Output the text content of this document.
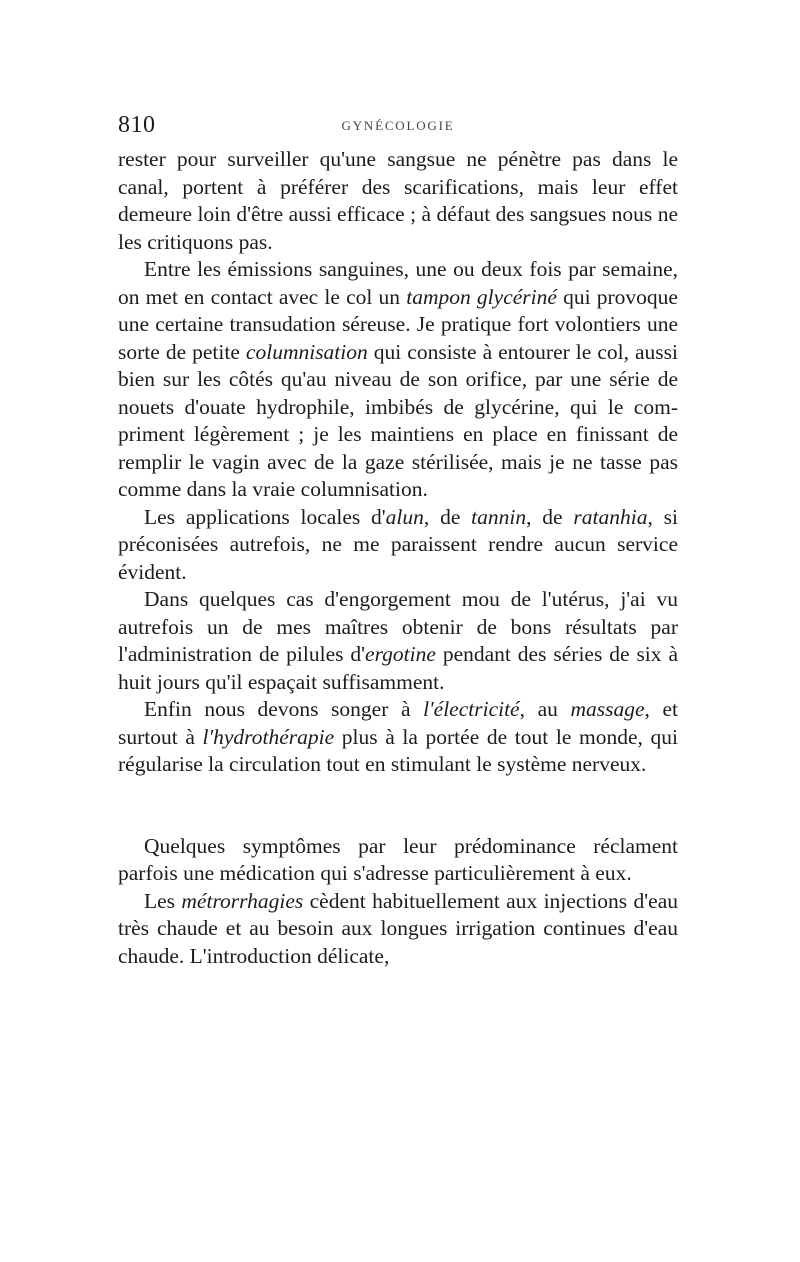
810	GYNÉCOLOGIE

rester pour surveiller qu'une sangsue ne pénètre pas dans le canal, portent à préférer des scarifications, mais leur effet demeure loin d'être aussi efficace ; à défaut des sangsues nous ne les critiquons pas.

Entre les émissions sanguines, une ou deux fois par semaine, on met en contact avec le col un tampon glycériné qui provoque une certaine transudation séreuse. Je pratique fort volontiers une sorte de petite columnisation qui consiste à entourer le col, aussi bien sur les côtés qu'au niveau de son orifice, par une série de nouets d'ouate hydrophile, imbibés de glycérine, qui le compriment légèrement ; je les maintiens en place en finissant de remplir le vagin avec de la gaze stérilisée, mais je ne tasse pas comme dans la vraie columnisation.

Les applications locales d'alun, de tannin, de ratanhia, si préconisées autrefois, ne me paraissent rendre aucun service évident.

Dans quelques cas d'engorgement mou de l'utérus, j'ai vu autrefois un de mes maîtres obtenir de bons résultats par l'administration de pilules d'ergotine pendant des séries de six à huit jours qu'il espaçait suffisamment.

Enfin nous devons songer à l'électricité, au massage, et surtout à l'hydrothérapie plus à la portée de tout le monde, qui régularise la circulation tout en stimulant le système nerveux.

Quelques symptômes par leur prédominance réclament parfois une médication qui s'adresse particulièrement à eux.

Les métrorrhagies cèdent habituellement aux injections d'eau très chaude et au besoin aux longues irrigation continues d'eau chaude. L'introduction délicate,
